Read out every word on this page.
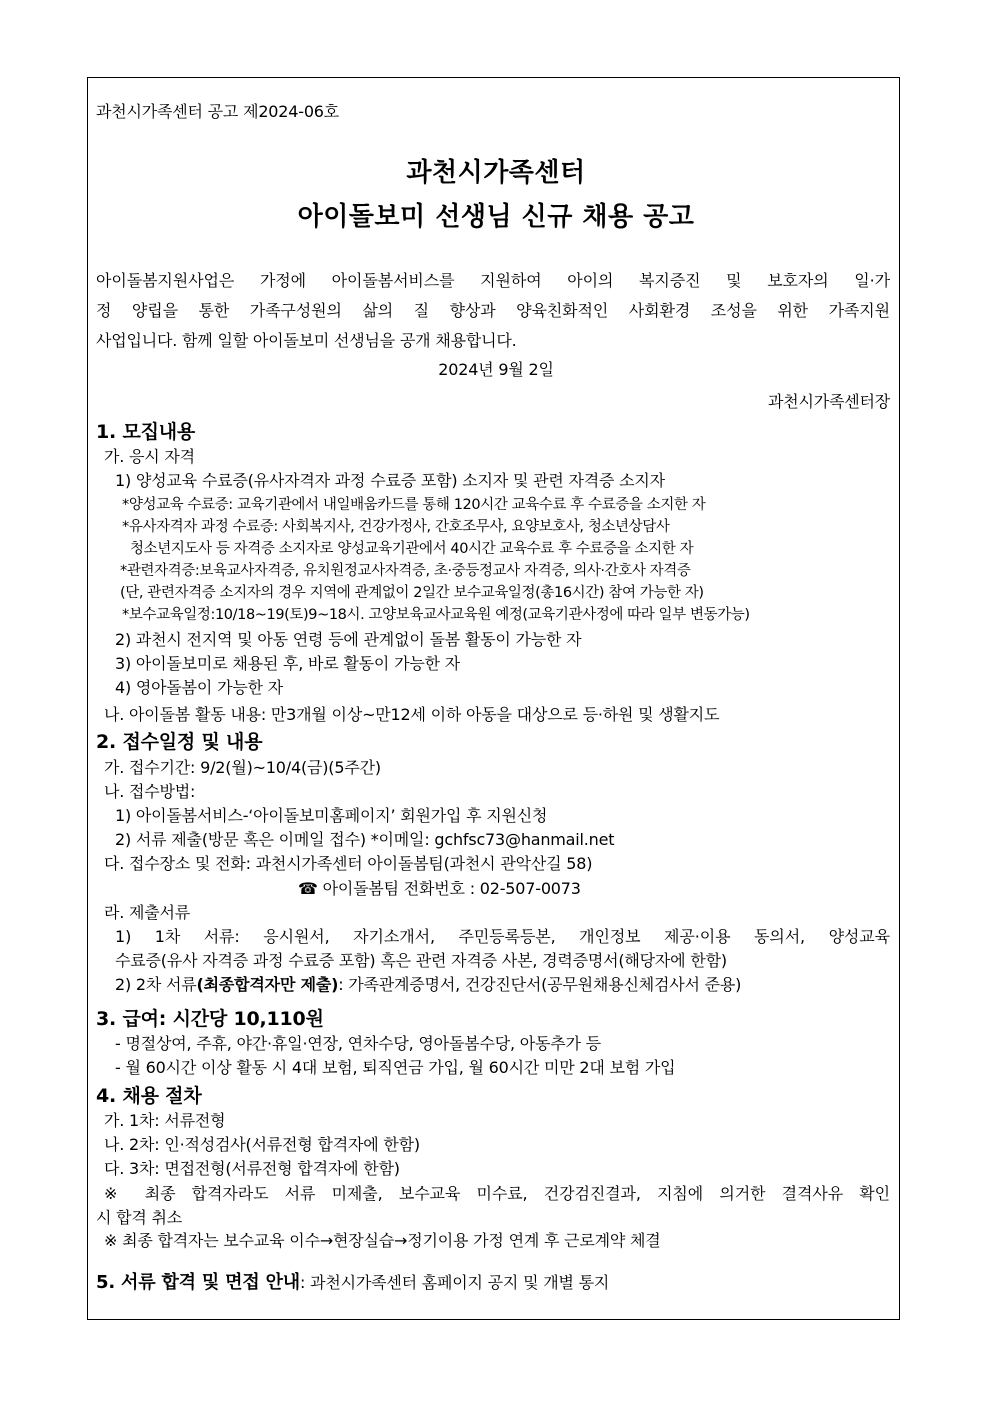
과천시가족센터 공고 제2024-06호
과천시가족센터
아이돌보미 선생님 신규 채용 공고
아이돌봄지원사업은 가정에 아이돌봄서비스를 지원하여 아이의 복지증진 및 보호자의 일·가
정 양립을 통한 가족구성원의 삶의 질 향상과 양육친화적인 사회환경 조성을 위한 가족지원
사업입니다. 함께 일할 아이돌보미 선생님을 공개 채용합니다.
2024년 9월 2일
과천시가족센터장
1. 모집내용
가. 응시 자격
1) 양성교육 수료증(유사자격자 과정 수료증 포함) 소지자 및 관련 자격증 소지자
*양성교육 수료증: 교육기관에서 내일배움카드를 통해 120시간 교육수료 후 수료증을 소지한 자
*유사자격자 과정 수료증: 사회복지사, 건강가정사, 간호조무사, 요양보호사, 청소년상담사
청소년지도사 등 자격증 소지자로 양성교육기관에서 40시간 교육수료 후 수료증을 소지한 자
*관련자격증:보육교사자격증, 유치원정교사자격증, 초·중등정교사 자격증, 의사·간호사 자격증
(단, 관련자격증 소지자의 경우 지역에 관계없이 2일간 보수교육일정(총16시간) 참여 가능한 자)
*보수교육일정:10/18~19(토)9~18시. 고양보육교사교육원 예정(교육기관사정에 따라 일부 변동가능)
2) 과천시 전지역 및 아동 연령 등에 관계없이 돌봄 활동이 가능한 자
3) 아이돌보미로 채용된 후, 바로 활동이 가능한 자
4) 영아돌봄이 가능한 자
나. 아이돌봄 활동 내용: 만3개월 이상~만12세 이하 아동을 대상으로 등·하원 및 생활지도
2. 접수일정 및 내용
가. 접수기간: 9/2(월)~10/4(금)(5주간)
나. 접수방법:
1) 아이돌봄서비스-‘아이돌보미홈페이지’ 회원가입 후 지원신청
2) 서류 제출(방문 혹은 이메일 접수) *이메일: gchfsc73@hanmail.net
다. 접수장소 및 전화: 과천시가족센터 아이돌봄팀(과천시 관악산길 58)
☎ 아이돌봄팀 전화번호 : 02-507-0073
라. 제출서류
1) 1차 서류: 응시원서, 자기소개서, 주민등록등본, 개인정보 제공·이용 동의서, 양성교육
수료증(유사 자격증 과정 수료증 포함) 혹은 관련 자격증 사본, 경력증명서(해당자에 한함)
2) 2차 서류(최종합격자만 제출): 가족관계증명서, 건강진단서(공무원채용신체검사서 준용)
3. 급여: 시간당 10,110원
- 명절상여, 주휴, 야간·휴일·연장, 연차수당, 영아돌봄수당, 아동추가 등
- 월 60시간 이상 활동 시 4대 보험, 퇴직연금 가입, 월 60시간 미만 2대 보험 가입
4. 채용 절차
가. 1차: 서류전형
나. 2차: 인·적성검사(서류전형 합격자에 한함)
다. 3차: 면접전형(서류전형 합격자에 한함)
※ 최종 합격자라도 서류 미제출, 보수교육 미수료, 건강검진결과, 지침에 의거한 결격사유 확인
시 합격 취소
※ 최종 합격자는 보수교육 이수→현장실습→정기이용 가정 연계 후 근로계약 체결
5. 서류 합격 및 면접 안내: 과천시가족센터 홈페이지 공지 및 개별 통지
